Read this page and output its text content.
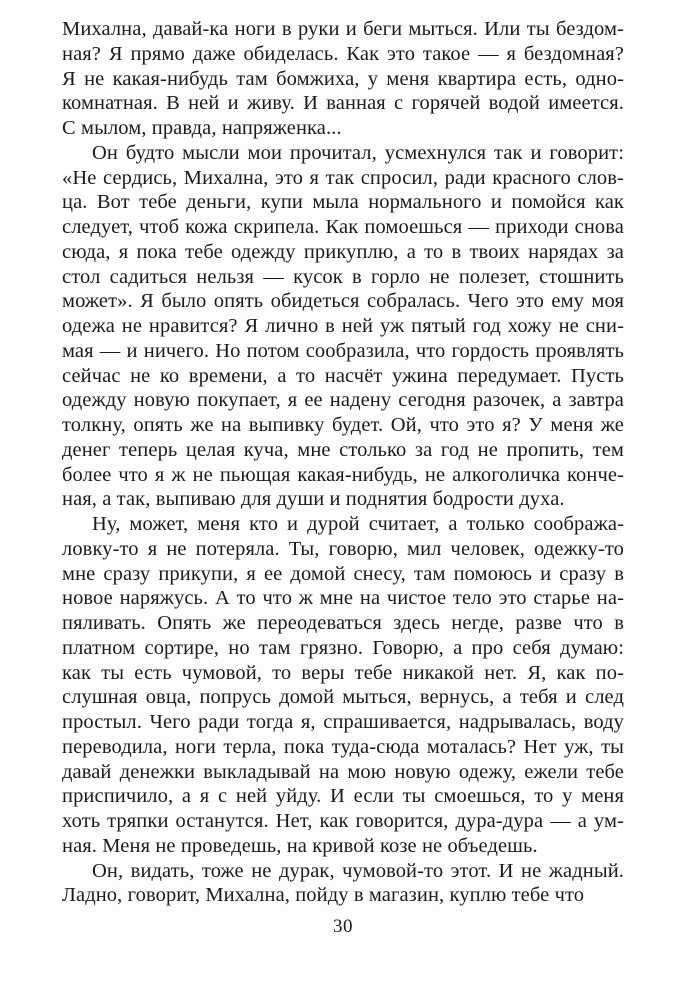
Михална, давай-ка ноги в руки и беги мыться. Или ты бездом-
ная? Я прямо даже обиделась. Как это такое — я бездомная?
Я не какая-нибудь там бомжиха, у меня квартира есть, одно-
комнатная. В ней и живу. И ванная с горячей водой имеется.
С мылом, правда, напряженка...
Он будто мысли мои прочитал, усмехнулся так и говорит:
«Не сердись, Михална, это я так спросил, ради красного слов-
ца. Вот тебе деньги, купи мыла нормального и помойся как
следует, чтоб кожа скрипела. Как помоешься — приходи снова
сюда, я пока тебе одежду прикуплю, а то в твоих нарядах за
стол садиться нельзя — кусок в горло не полезет, стошнить
может». Я было опять обидеться собралась. Чего это ему моя
одежа не нравится? Я лично в ней уж пятый год хожу не сни-
мая — и ничего. Но потом сообразила, что гордость проявлять
сейчас не ко времени, а то насчёт ужина передумает. Пусть
одежду новую покупает, я ее надену сегодня разочек, а завтра
толкну, опять же на выпивку будет. Ой, что это я? У меня же
денег теперь целая куча, мне столько за год не пропить, тем
более что я ж не пьющая какая-нибудь, не алкоголичка конче-
ная, а так, выпиваю для души и поднятия бодрости духа.
Ну, может, меня кто и дурой считает, а только сообража-
ловку-то я не потеряла. Ты, говорю, мил человек, одежку-то
мне сразу прикупи, я ее домой снесу, там помоюсь и сразу в
новое наряжусь. А то что ж мне на чистое тело это старье на-
пяливать. Опять же переодеваться здесь негде, разве что в
платном сортире, но там грязно. Говорю, а про себя думаю:
как ты есть чумовой, то веры тебе никакой нет. Я, как по-
слушная овца, попрусь домой мыться, вернусь, а тебя и след
простыл. Чего ради тогда я, спрашивается, надрывалась, воду
переводила, ноги терла, пока туда-сюда моталась? Нет уж, ты
давай денежки выкладывай на мою новую одежу, ежели тебе
приспичило, а я с ней уйду. И если ты смоешься, то у меня
хоть тряпки останутся. Нет, как говорится, дура-дура — а ум-
ная. Меня не проведешь, на кривой козе не объедешь.
Он, видать, тоже не дурак, чумовой-то этот. И не жадный.
Ладно, говорит, Михална, пойду в магазин, куплю тебе что
30
